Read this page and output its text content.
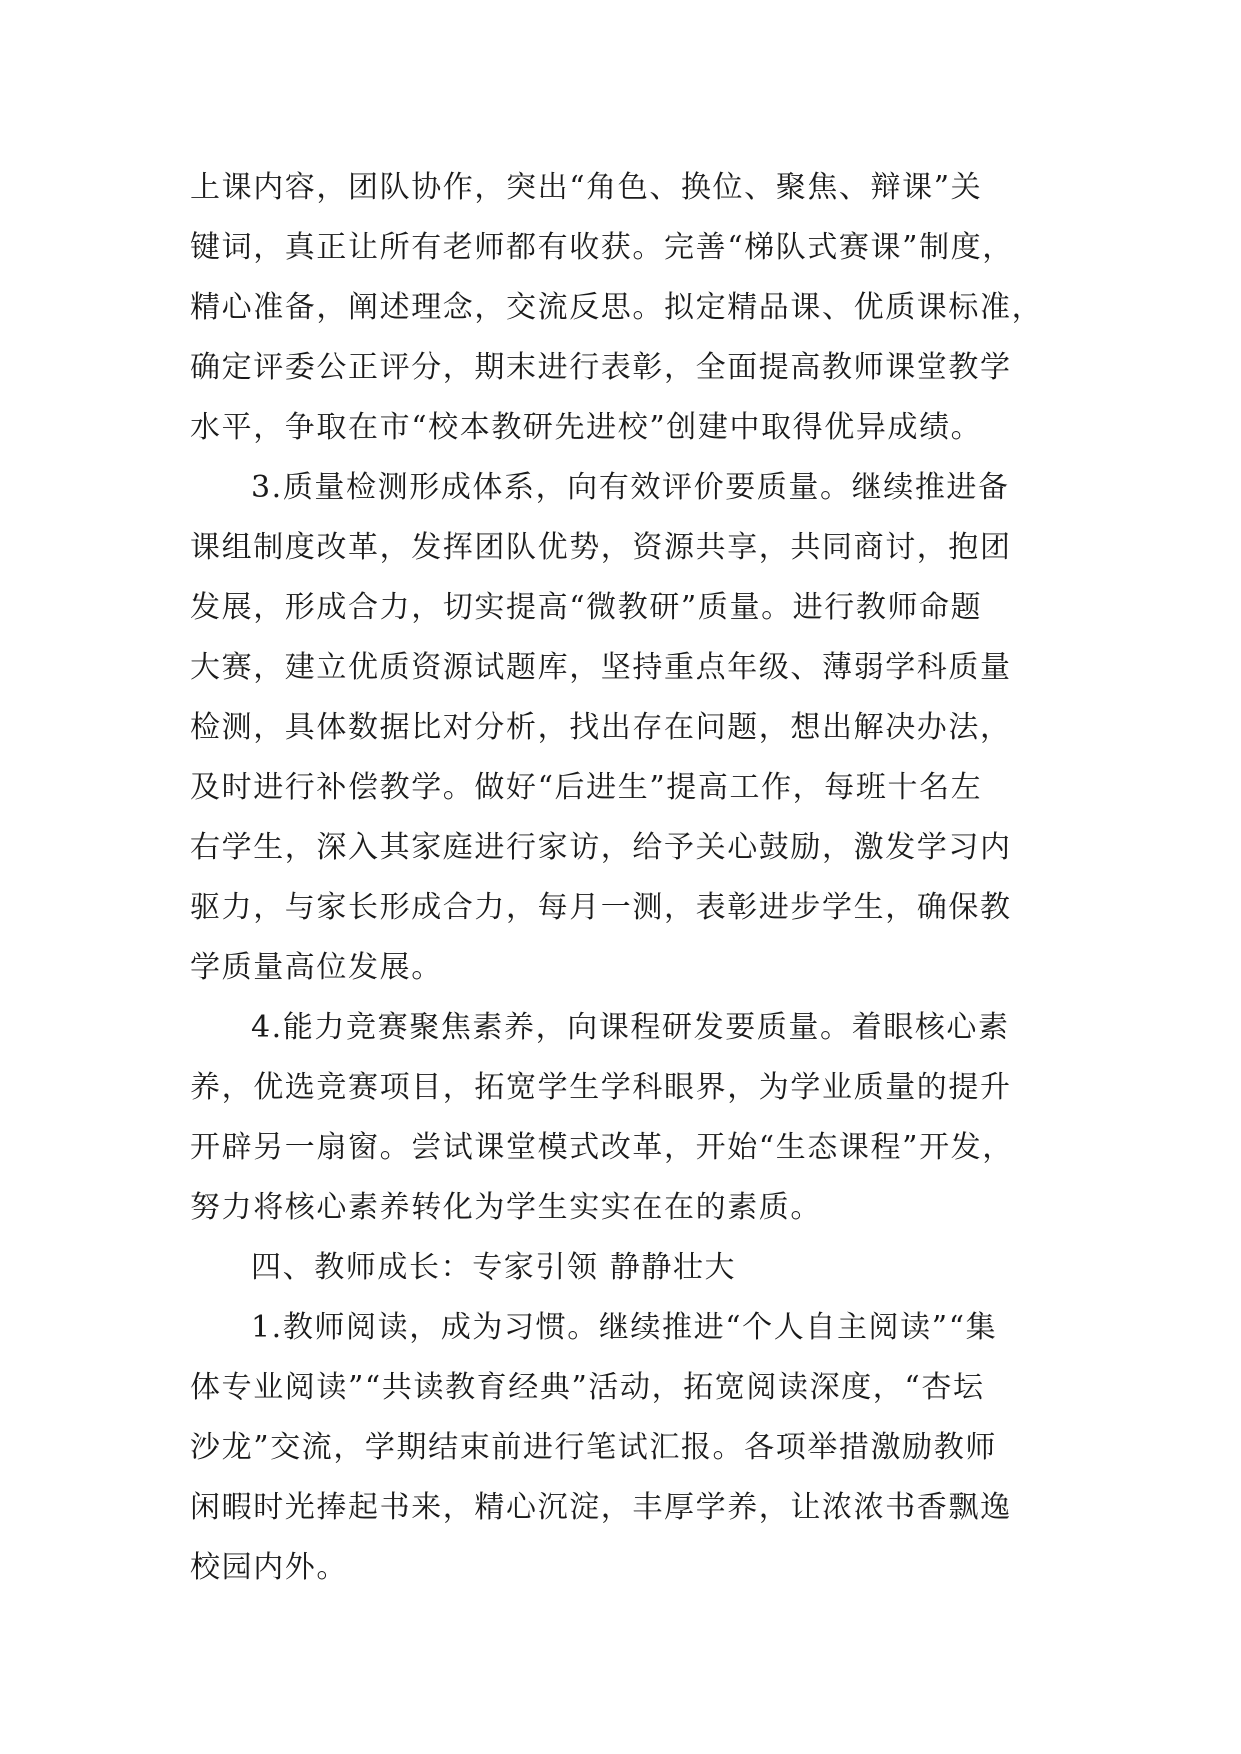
上课内容，团队协作，突出“角色、换位、聚焦、辩课”关
键词，真正让所有老师都有收获。完善“梯队式赛课”制度，
精心准备，阐述理念，交流反思。拟定精品课、优质课标准，
确定评委公正评分，期末进行表彰，全面提高教师课堂教学
水平，争取在市“校本教研先进校”创建中取得优异成绩。
3.质量检测形成体系，向有效评价要质量。继续推进备
课组制度改革，发挥团队优势，资源共享，共同商讨，抱团
发展，形成合力，切实提高“微教研”质量。进行教师命题
大赛，建立优质资源试题库，坚持重点年级、薄弱学科质量
检测，具体数据比对分析，找出存在问题，想出解决办法，
及时进行补偿教学。做好“后进生”提高工作，每班十名左
右学生，深入其家庭进行家访，给予关心鼓励，激发学习内
驱力，与家长形成合力，每月一测，表彰进步学生，确保教
学质量高位发展。
4.能力竞赛聚焦素养，向课程研发要质量。着眼核心素
养，优选竞赛项目，拓宽学生学科眼界，为学业质量的提升
开辟另一扇窗。尝试课堂模式改革，开始“生态课程”开发，
努力将核心素养转化为学生实实在在的素质。
四、教师成长：专家引领 静静壮大
1.教师阅读，成为习惯。继续推进“个人自主阅读”“集
体专业阅读”“共读教育经典”活动，拓宽阅读深度，“杏坛
沙龙”交流，学期结束前进行笔试汇报。各项举措激励教师
闲暇时光捧起书来，精心沉淀，丰厚学养，让浓浓书香飘逸
校园内外。
